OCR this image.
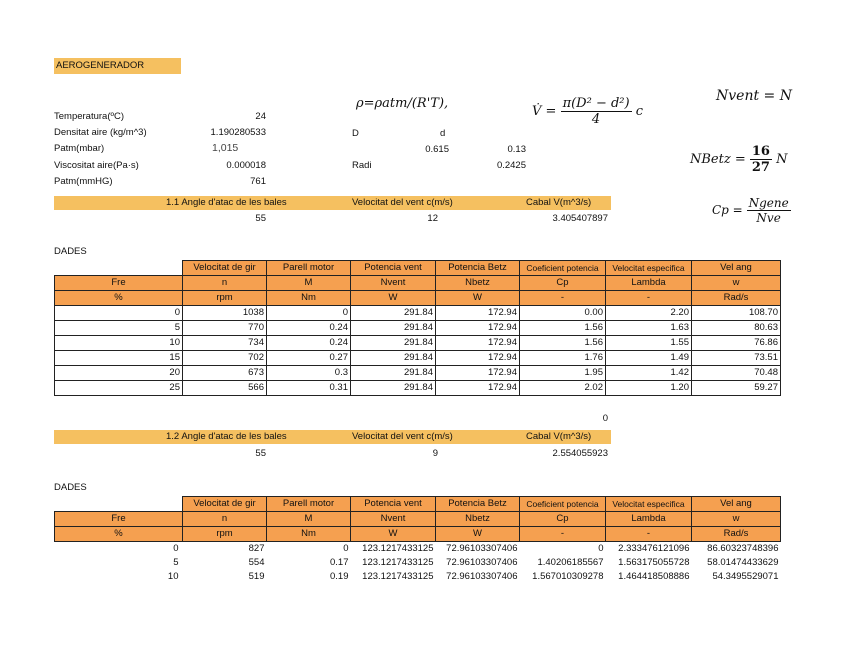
AEROGENERADOR
Temperatura(ºC)	24
Densitat aire (kg/m^3)	1.190280533
Patm(mbar)	1,015
Viscositat aire(Pa·s)	0.000018
Patm(mmHG)	761
D	d
0.615	0.13
Radi	0.2425
ρ=ρatm/(R'T),
V̇ = $\frac{\text{π(D² − d²)}}{4}$ c
Nvent = N
NBetz = $\frac{16}{27}$ N
$Cp = \frac{\text{Ngene}}{\text{Nve}}$
1.1 Angle d'atac de les bales	Velocitat del vent c(m/s)	Cabal V(m^3/s)
55	12	3.405407897
DADES
	Velocitat de gir	Parell motor	Potencia vent	Potencia Betz	Coeficient potencia	Velocitat especifica	Vel ang
Fre	n	M	Nvent	Nbetz	Cp	Lambda	w
%	rpm	Nm	W	W	-	-	Rad/s
0	1038	0	291.84	172.94	0.00	2.20	108.70
5	770	0.24	291.84	172.94	1.56	1.63	80.63
10	734	0.24	291.84	172.94	1.56	1.55	76.86
15	702	0.27	291.84	172.94	1.76	1.49	73.51
20	673	0.3	291.84	172.94	1.95	1.42	70.48
25	566	0.31	291.84	172.94	2.02	1.20	59.27
0
1.2 Angle d'atac de les bales	Velocitat del vent c(m/s)	Cabal V(m^3/s)
55	9	2.554055923
DADES
	Velocitat de gir	Parell motor	Potencia vent	Potencia Betz	Coeficient potencia	Velocitat especifica	Vel ang
Fre	n	M	Nvent	Nbetz	Cp	Lambda	w
%	rpm	Nm	W	W	-	-	Rad/s
0	827	0	123.1217433125	72.96103307406	0	2.333476121096	86.60323748396
5	554	0.17	123.1217433125	72.96103307406	1.40206185567	1.563175055728	58.01474433629
10	519	0.19	123.1217433125	72.96103307406	1.567010309278	1.464418508886	54.3495529071
